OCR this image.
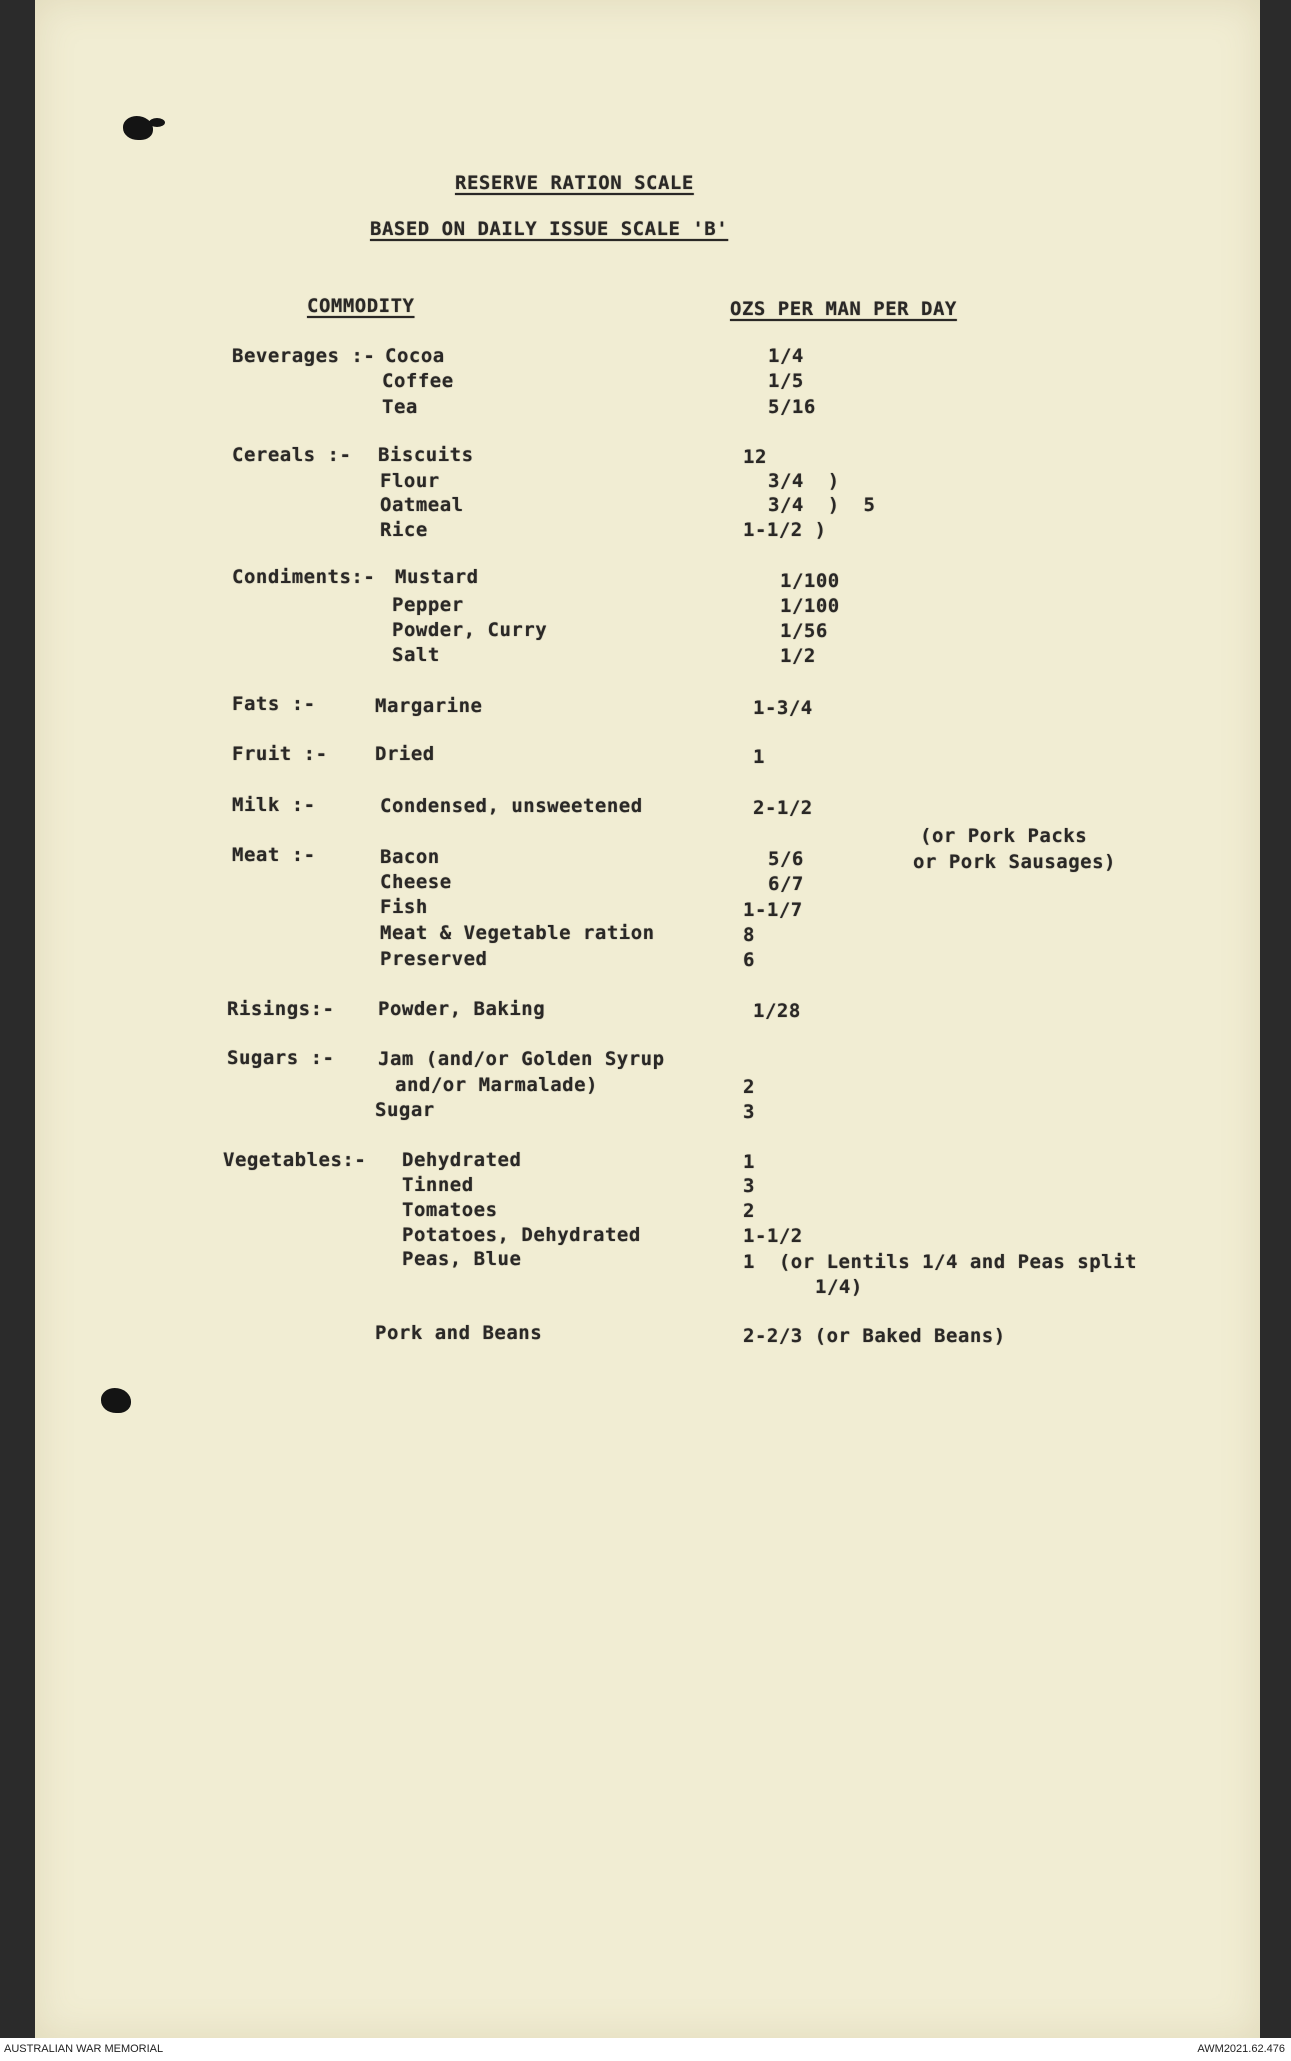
RESERVE RATION SCALE
BASED ON DAILY ISSUE SCALE 'B'
COMMODITY	OZS PER MAN PER DAY
Beverages :- Cocoa	1/4
Coffee	1/5
Tea	5/16
Cereals :- Biscuits	12
Flour	3/4  )
Oatmeal	3/4  )  5
Rice	1-1/2 )
Condiments:- Mustard	1/100
Pepper	1/100
Powder, Curry	1/56
Salt	1/2
Fats :-	Margarine	1-3/4
Fruit :- Dried	1
Milk :-	Condensed, unsweetened	2-1/2
(or Pork Packs
or Pork Sausages)
Meat :-	Bacon	5/6
Cheese	6/7
Fish	1-1/7
Meat & Vegetable ration	8
Preserved	6
Risings:- Powder, Baking	1/28
Sugars :- Jam (and/or Golden Syrup
and/or Marmalade)	2
Sugar	3
Vegetables:- Dehydrated	1
Tinned	3
Tomatoes	2
Potatoes, Dehydrated	1-1/2
Peas, Blue	1  (or Lentils 1/4 and Peas split
1/4)
Pork and Beans	2-2/3 (or Baked Beans)
AUSTRALIAN WAR MEMORIAL	AWM2021.62.476
